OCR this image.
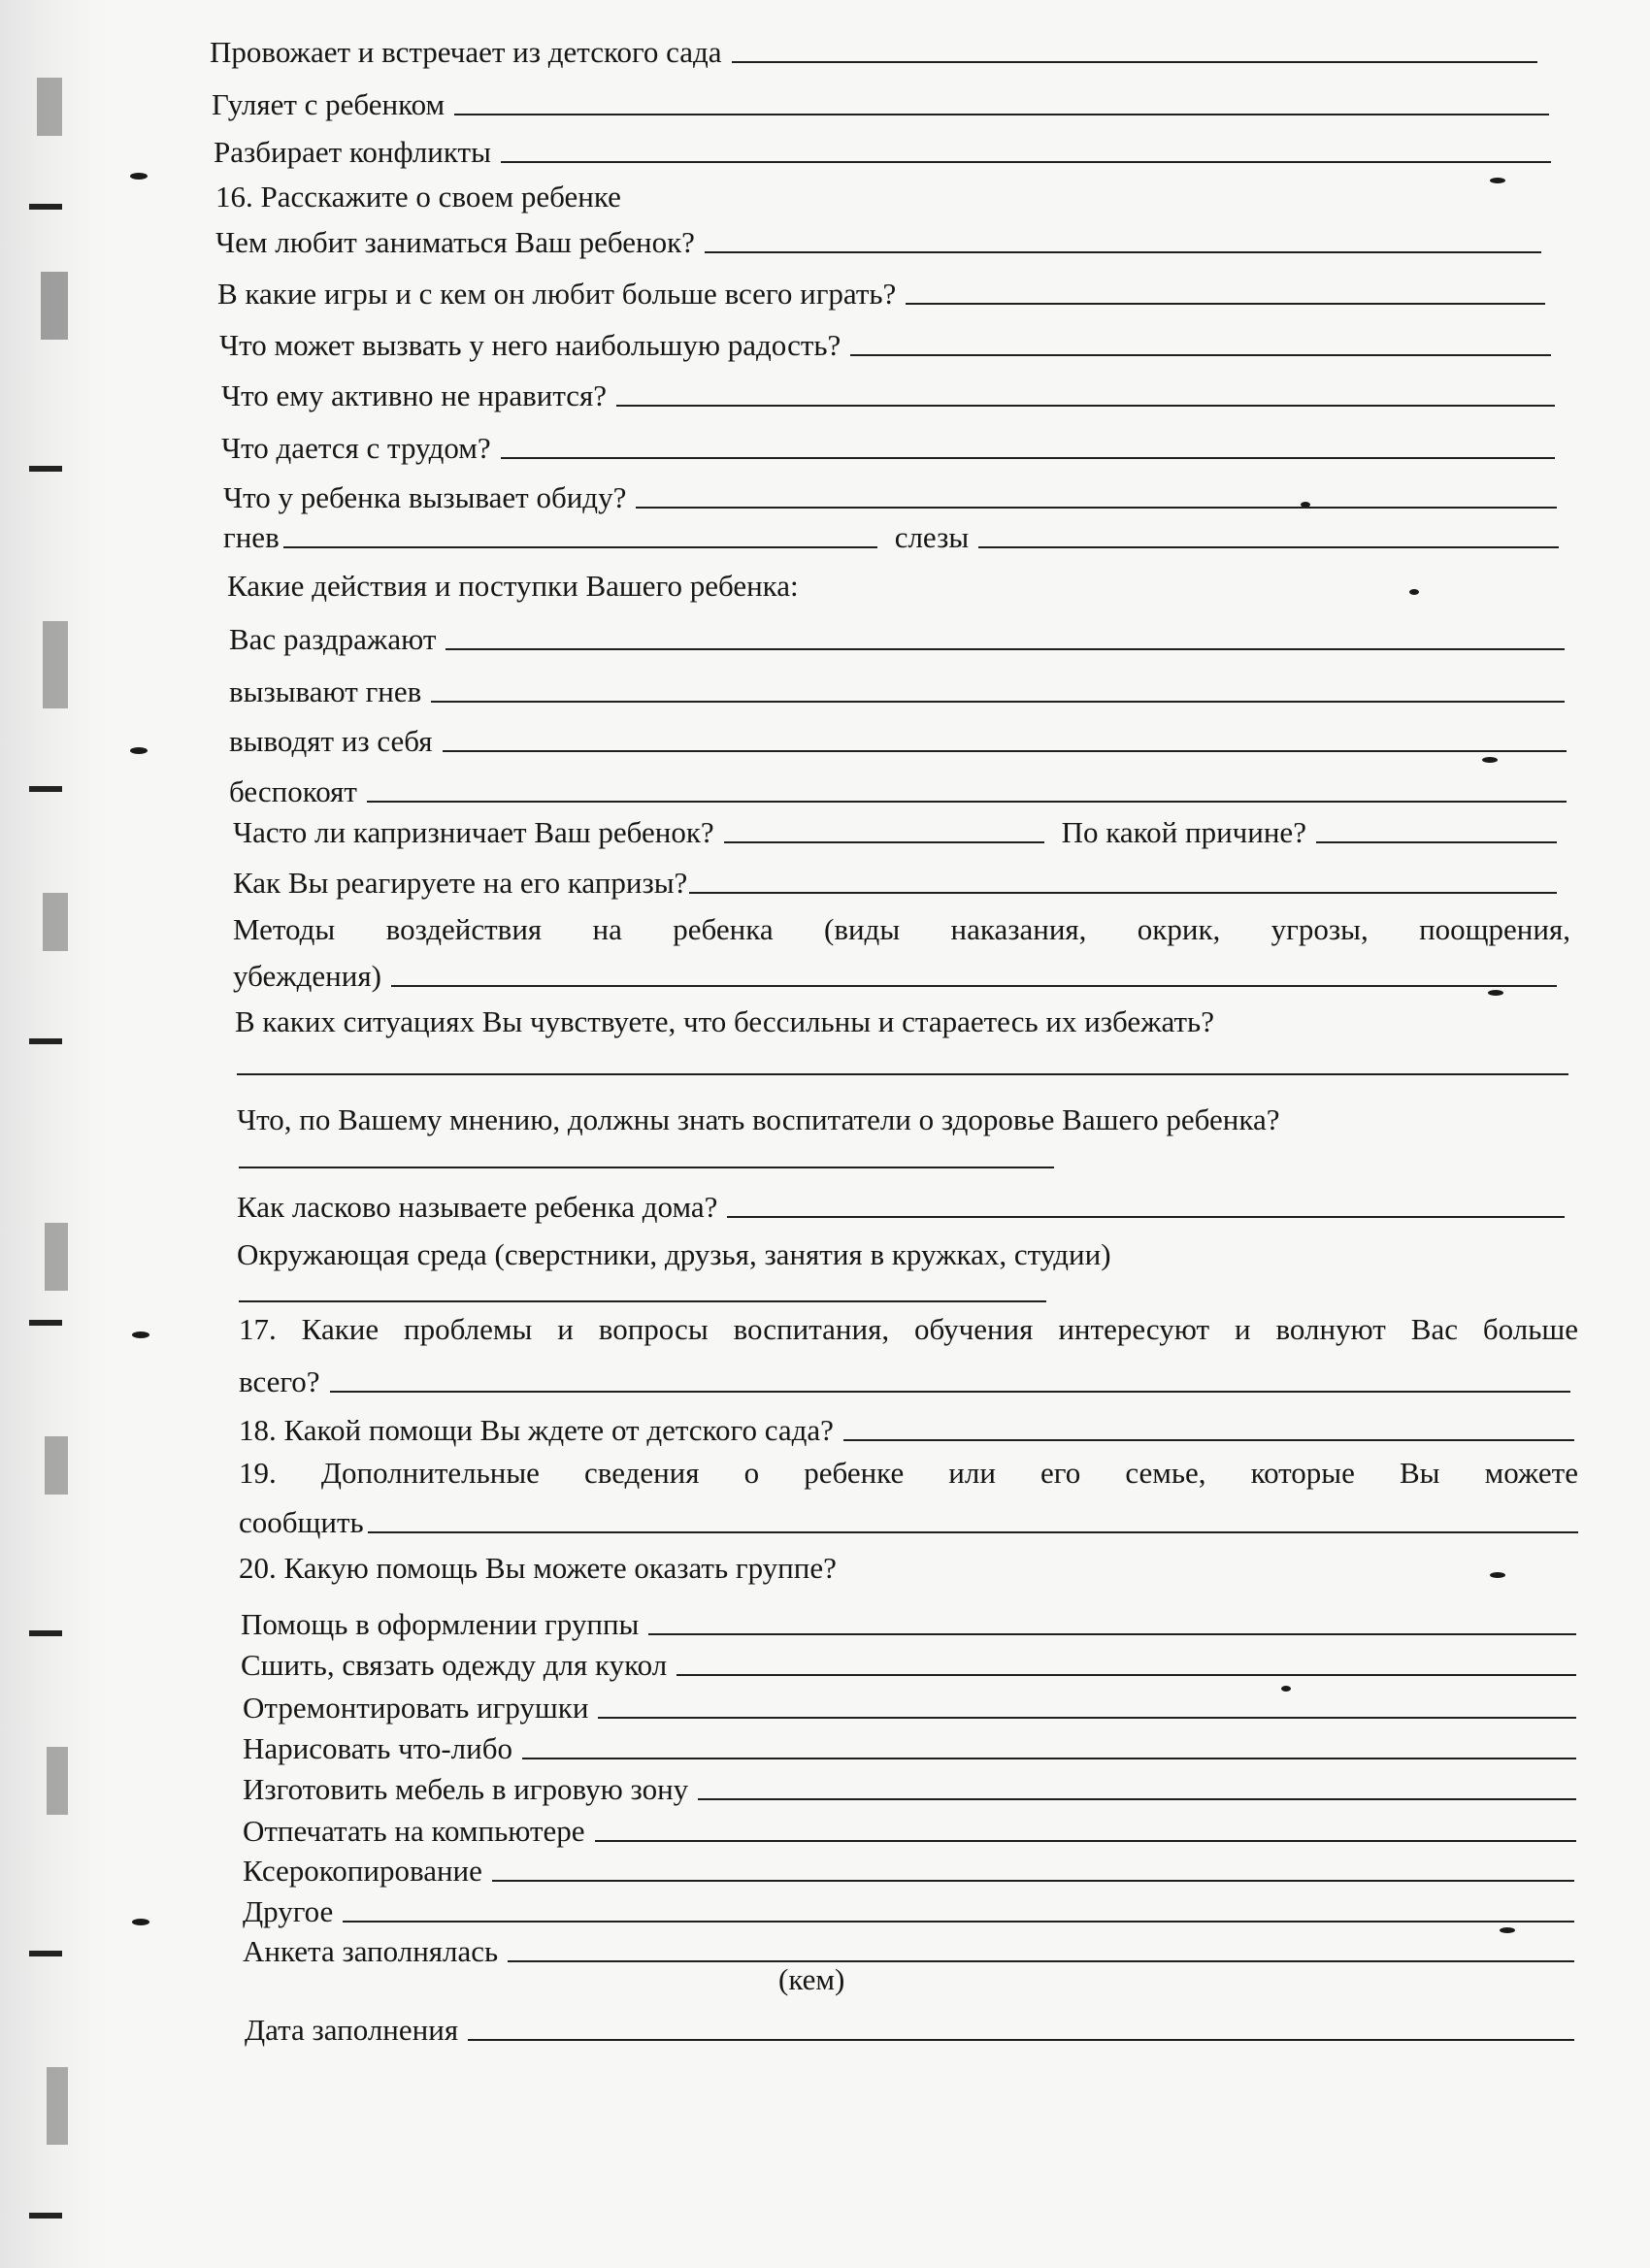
Провожает и встречает из детского сада
Гуляет с ребенком
Разбирает конфликты
16. Расскажите о своем ребенке
Чем любит заниматься Ваш ребенок?
В какие игры и с кем он любит больше всего играть?
Что может вызвать у него наибольшую радость?
Что ему активно не нравится?
Что дается с трудом?
Что у ребенка вызывает обиду?
гнев	слезы
Какие действия и поступки Вашего ребенка:
Вас раздражают
вызывают гнев
выводят из себя
беспокоят
Часто ли капризничает Ваш ребенок?	По какой причине?
Как Вы реагируете на его капризы?
Методы воздействия на ребенка (виды наказания, окрик, угрозы, поощрения,
убеждения)
В каких ситуациях Вы чувствуете, что бессильны и стараетесь их избежать?
Что, по Вашему мнению, должны знать воспитатели о здоровье Вашего ребенка?
Как ласково называете ребенка дома?
Окружающая среда (сверстники, друзья, занятия в кружках, студии)
17. Какие проблемы и вопросы воспитания, обучения интересуют и волнуют Вас больше
всего?
18. Какой помощи Вы ждете от детского сада?
19. Дополнительные сведения о ребенке или его семье, которые Вы можете
сообщить
20. Какую помощь Вы можете оказать группе?
Помощь в оформлении группы
Сшить, связать одежду для кукол
Отремонтировать игрушки
Нарисовать что-либо
Изготовить мебель в игровую зону
Отпечатать на компьютере
Ксерокопирование
Другое
Анкета заполнялась
(кем)
Дата заполнения
